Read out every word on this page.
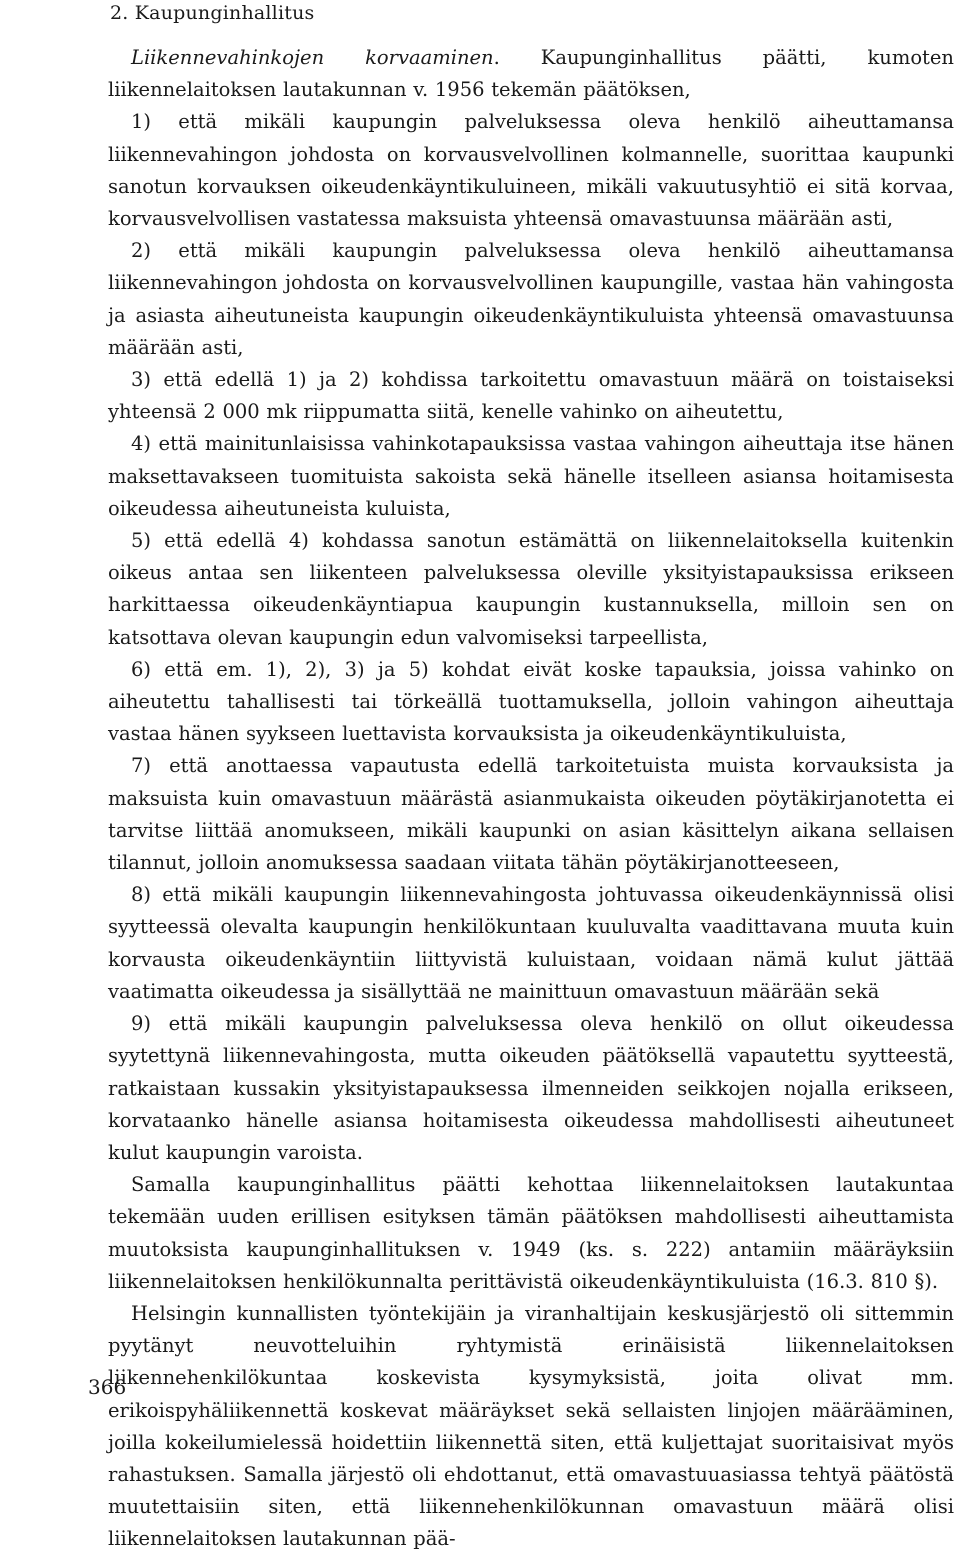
2. Kaupunginhallitus

Liikennevahinkojen korvaaminen. Kaupunginhallitus päätti, kumoten liikennelaitoksen lautakunnan v. 1956 tekemän päätöksen,

1) että mikäli kaupungin palveluksessa oleva henkilö aiheuttamansa liikennevahingon johdosta on korvausvelvollinen kolmannelle, suorittaa kaupunki sanotun korvauksen oikeudenkäyntikuluineen, mikäli vakuutusyhtiö ei sitä korvaa, korvausvelvollisen vastatessa maksuista yhteensä omavastuunsa määrään asti,

2) että mikäli kaupungin palveluksessa oleva henkilö aiheuttamansa liikennevahingon johdosta on korvausvelvollinen kaupungille, vastaa hän vahingosta ja asiasta aiheutuneista kaupungin oikeudenkäyntikuluista yhteensä omavastuunsa määrään asti,

3) että edellä 1) ja 2) kohdissa tarkoitettu omavastuun määrä on toistaiseksi yhteensä 2 000 mk riippumatta siitä, kenelle vahinko on aiheutettu,

4) että mainitunlaisissa vahinkotapauksissa vastaa vahingon aiheuttaja itse hänen maksettavakseen tuomituista sakoista sekä hänelle itselleen asiansa hoitamisesta oikeudessa aiheutuneista kuluista,

5) että edellä 4) kohdassa sanotun estämättä on liikennelaitoksella kuitenkin oikeus antaa sen liikenteen palveluksessa oleville yksityistapauksissa erikseen harkittaessa oikeudenkäyntiapua kaupungin kustannuksella, milloin sen on katsottava olevan kaupungin edun valvomiseksi tarpeellista,

6) että em. 1), 2), 3) ja 5) kohdat eivät koske tapauksia, joissa vahinko on aiheutettu tahallisesti tai törkeällä tuottamuksella, jolloin vahingon aiheuttaja vastaa hänen syykseen luettavista korvauksista ja oikeudenkäyntikuluista,

7) että anottaessa vapautusta edellä tarkoitetuista muista korvauksista ja maksuista kuin omavastuun määrästä asianmukaista oikeuden pöytäkirjanotetta ei tarvitse liittää anomukseen, mikäli kaupunki on asian käsittelyn aikana sellaisen tilannut, jolloin anomuksessa saadaan viitata tähän pöytäkirjanotteeseen,

8) että mikäli kaupungin liikennevahingosta johtuvassa oikeudenkäynnissä olisi syytteessä olevalta kaupungin henkilökuntaan kuuluvalta vaadittavana muuta kuin korvausta oikeudenkäyntiin liittyvistä kuluistaan, voidaan nämä kulut jättää vaatimatta oikeudessa ja sisällyttää ne mainittuun omavastuun määrään sekä

9) että mikäli kaupungin palveluksessa oleva henkilö on ollut oikeudessa syytettynä liikennevahingosta, mutta oikeuden päätöksellä vapautettu syytteestä, ratkaistaan kussakin yksityistapauksessa ilmenneiden seikkojen nojalla erikseen, korvataanko hänelle asiansa hoitamisesta oikeudessa mahdollisesti aiheutuneet kulut kaupungin varoista.

Samalla kaupunginhallitus päätti kehottaa liikennelaitoksen lautakuntaa tekemään uuden erillisen esityksen tämän päätöksen mahdollisesti aiheuttamista muutoksista kaupunginhallituksen v. 1949 (ks. s. 222) antamiin määräyksiin liikennelaitoksen henkilökunnalta perittävistä oikeudenkäyntikuluista (16.3. 810 §).

Helsingin kunnallisten työntekijäin ja viranhaltijain keskusjärjestö oli sittemmin pyytänyt neuvotteluihin ryhtymistä erinäisistä liikennelaitoksen liikennehenkilökuntaa koskevista kysymyksistä, joita olivat mm. erikoispyhäliikennettä koskevat määräykset sekä sellaisten linjojen määrääminen, joilla kokeilumielessä hoidettiin liikennettä siten, että kuljettajat suoritaisivat myös rahastuksen. Samalla järjestö oli ehdottanut, että omavastuuasiassa tehtyä päätöstä muutettaisiin siten, että liikennehenkilökunnan omavastuun määrä olisi liikennelaitoksen lautakunnan pää-

366
